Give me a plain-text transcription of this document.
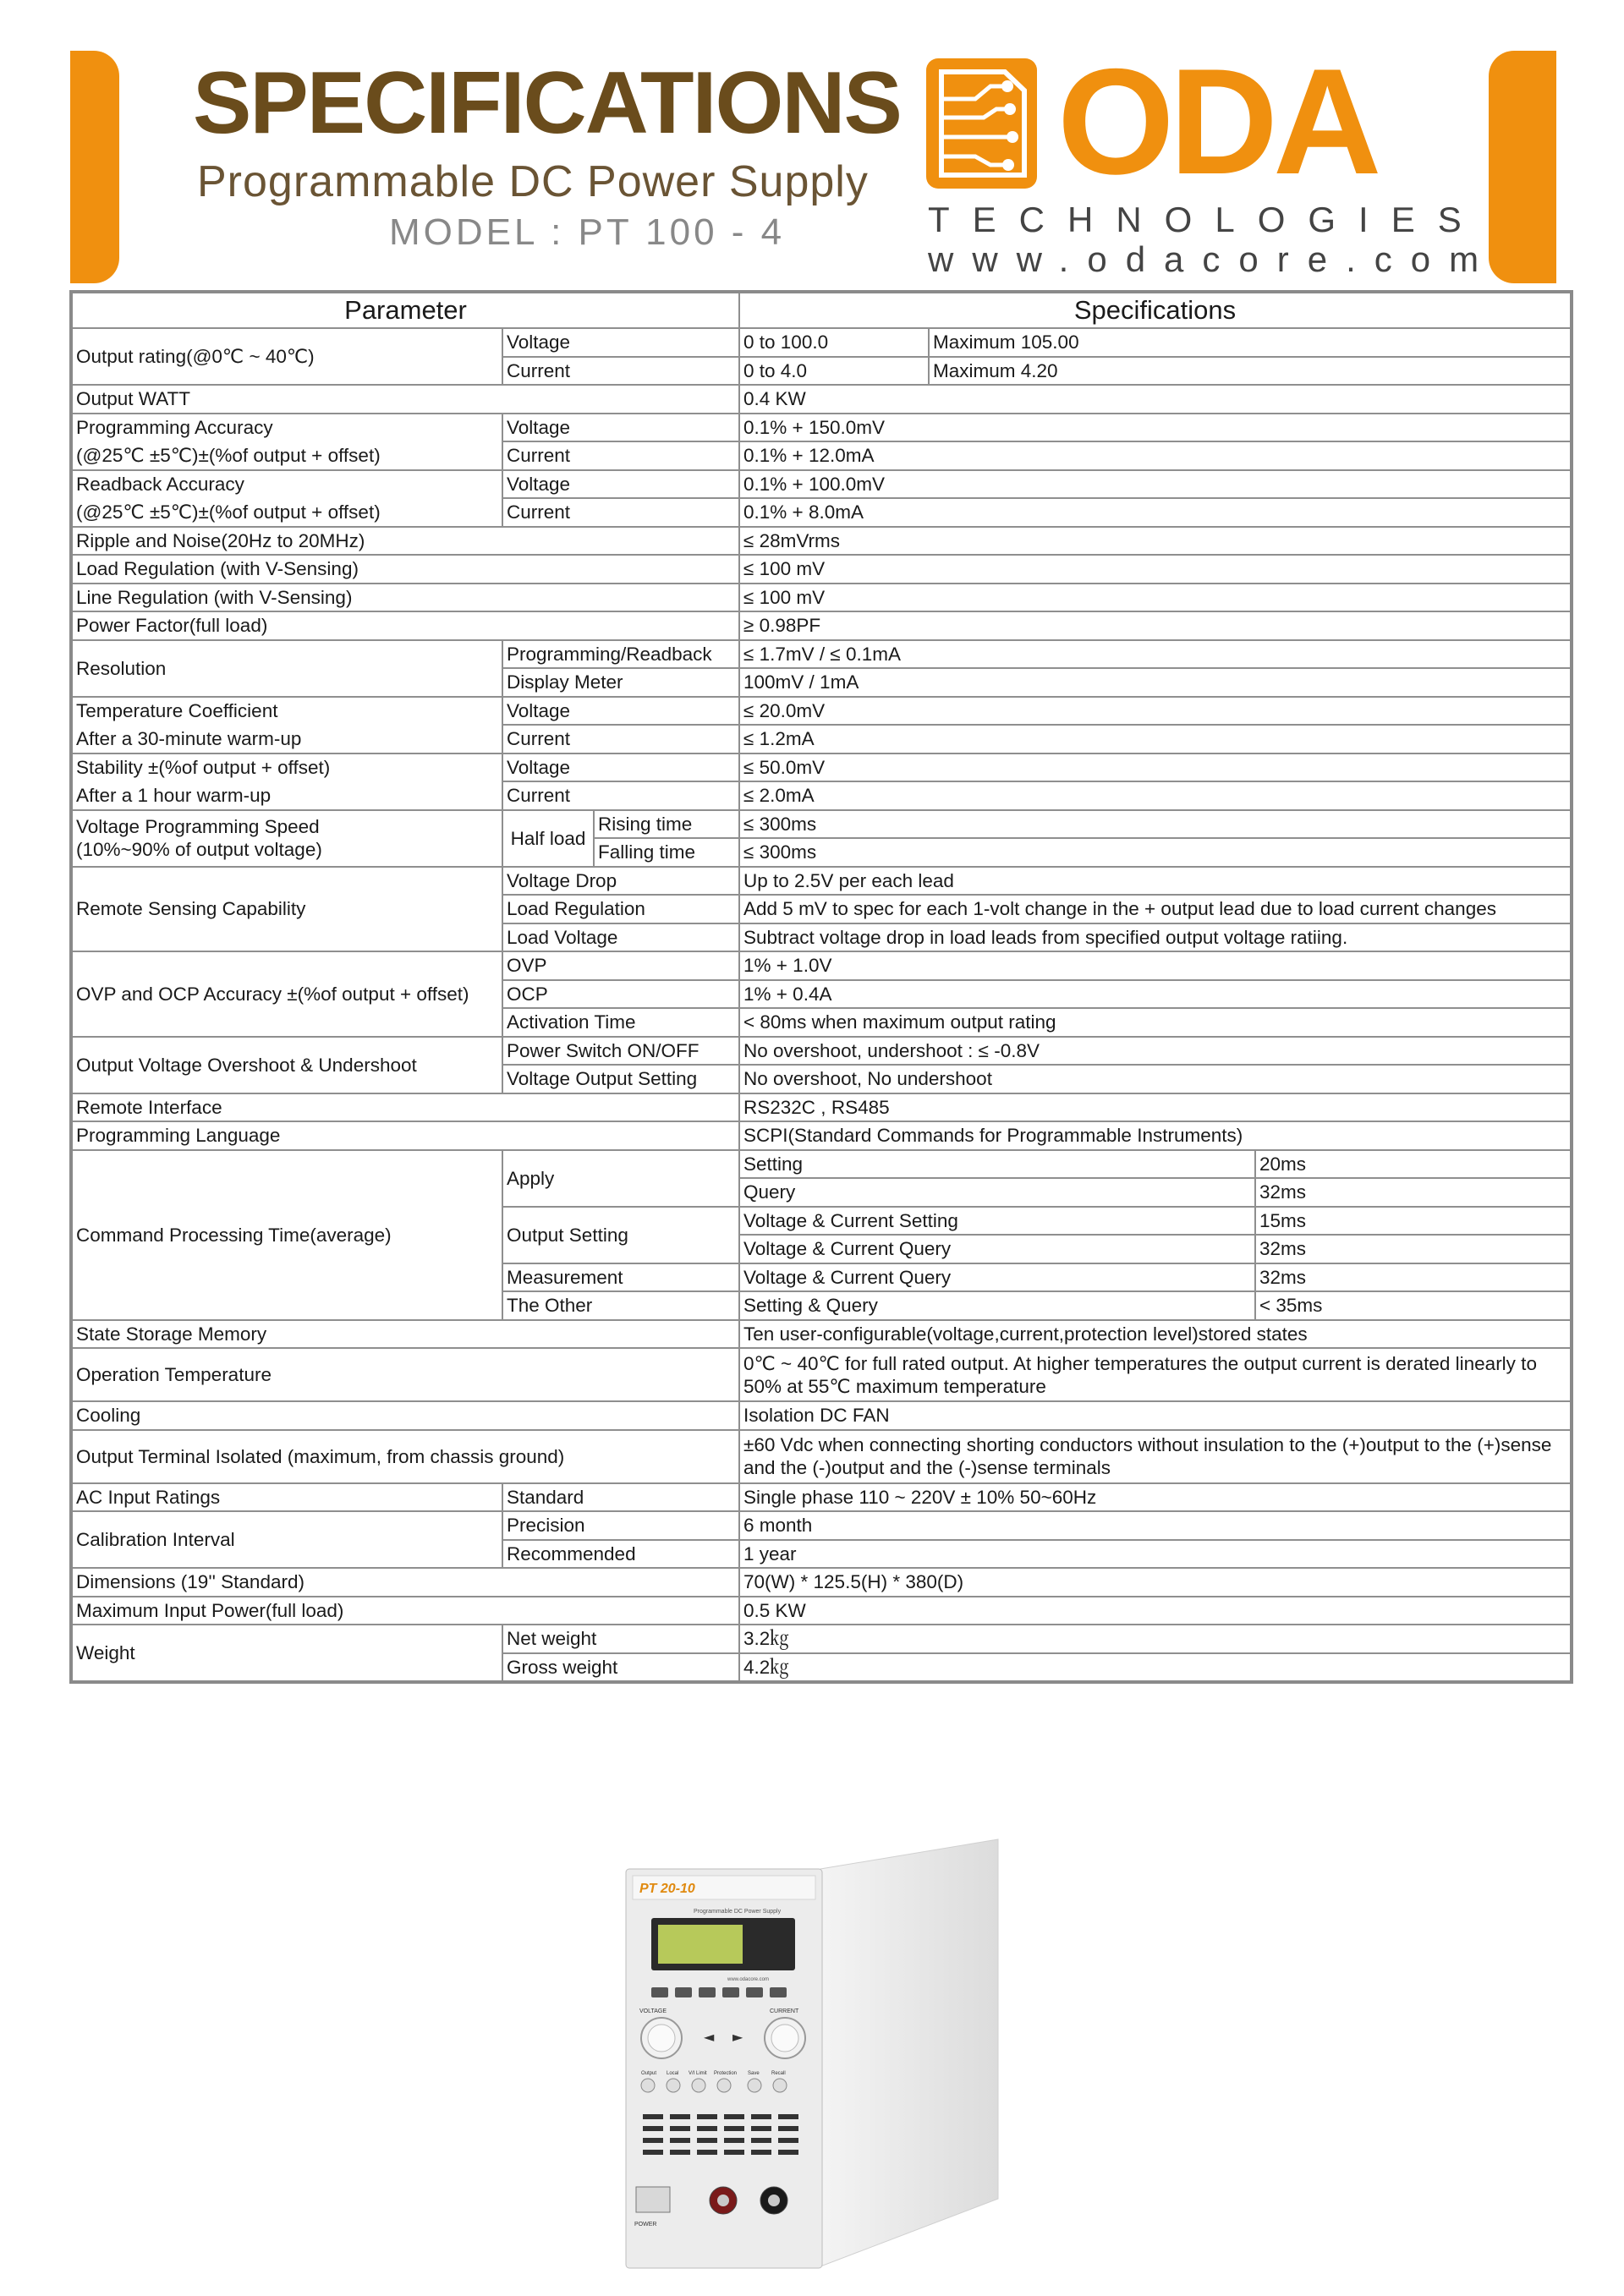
SPECIFICATIONS
Programmable DC Power Supply
MODEL : PT 100 - 4
ODA
TECHNOLOGIES
www.odacore.com
Parameter			Specifications		
Output rating(@0℃ ~ 40℃)	Voltage		0 to 100.0	Maximum 105.00	
	Current		0 to 4.0	Maximum 4.20	
Output WATT			0.4 KW		
Programming Accuracy	Voltage		0.1% + 150.0mV		
(@25℃ ±5℃)±(%of output + offset)	Current		0.1% + 12.0mA		
Readback Accuracy	Voltage		0.1% + 100.0mV		
(@25℃ ±5℃)±(%of output + offset)	Current		0.1% + 8.0mA		
Ripple and Noise(20Hz to 20MHz)			≤ 28mVrms		
Load Regulation (with V-Sensing)			≤ 100 mV		
Line Regulation (with V-Sensing)			≤ 100 mV		
Power Factor(full load)			≥ 0.98PF		
Resolution	Programming/Readback		≤ 1.7mV / ≤ 0.1mA		
	Display Meter		100mV / 1mA		
Temperature Coefficient	Voltage		≤ 20.0mV		
After a 30-minute warm-up	Current		≤ 1.2mA		
Stability ±(%of output + offset)	Voltage		≤ 50.0mV		
After a 1 hour warm-up	Current		≤ 2.0mA		

Voltage Programming Speed
(10%~90% of output voltage)	Half load	Rising time	≤ 300ms		
		Falling time	≤ 300ms		
Remote Sensing Capability	Voltage Drop		Up to 2.5V per each lead		
	Load Regulation		Add 5 mV to spec for each 1-volt change in the + output lead due to load current changes		
	Load Voltage		Subtract voltage drop in load leads from specified output voltage ratiing.		
OVP and OCP Accuracy ±(%of output + offset)	OVP		1% + 1.0V		
	OCP		1% + 0.4A		
	Activation Time		< 80ms when maximum output rating		
Output Voltage Overshoot & Undershoot	Power Switch ON/OFF		No overshoot, undershoot : ≤ -0.8V		
	Voltage Output Setting		No overshoot, No undershoot		
Remote Interface			RS232C , RS485		
Programming Language			SCPI(Standard Commands for Programmable Instruments)		
Command Processing Time(average)	Apply		Setting		20ms
			Query		32ms
	Output Setting		Voltage & Current Setting		15ms
			Voltage & Current Query		32ms
	Measurement		Voltage & Current Query		32ms
	The Other		Setting & Query		< 35ms
State Storage Memory			Ten user-configurable(voltage,current,protection level)stored states		
Operation Temperature			0℃ ~ 40℃ for full rated output. At higher temperatures the output current is derated linearly to 50% at 55℃ maximum temperature		
Cooling			Isolation DC FAN		
Output Terminal Isolated (maximum, from chassis ground)			±60 Vdc when connecting shorting conductors without insulation to the (+)output to the (+)sense and the (-)output and the (-)sense terminals		
AC Input Ratings	Standard		Single phase 110 ~ 220V ± 10% 50~60Hz		
Calibration Interval	Precision		6 month		
	Recommended		1 year		
Dimensions (19'' Standard)			70(W) * 125.5(H) * 380(D)		
Maximum Input Power(full load)			0.5 KW		
Weight	Net weight		3.2㎏		
	Gross weight		4.2㎏		
PT 20-10
Programmable DC Power Supply
www.odacore.com
VOLTAGE	CURRENT
◄ ►
Output Local V/I Limit Protection Save Recall
POWER
